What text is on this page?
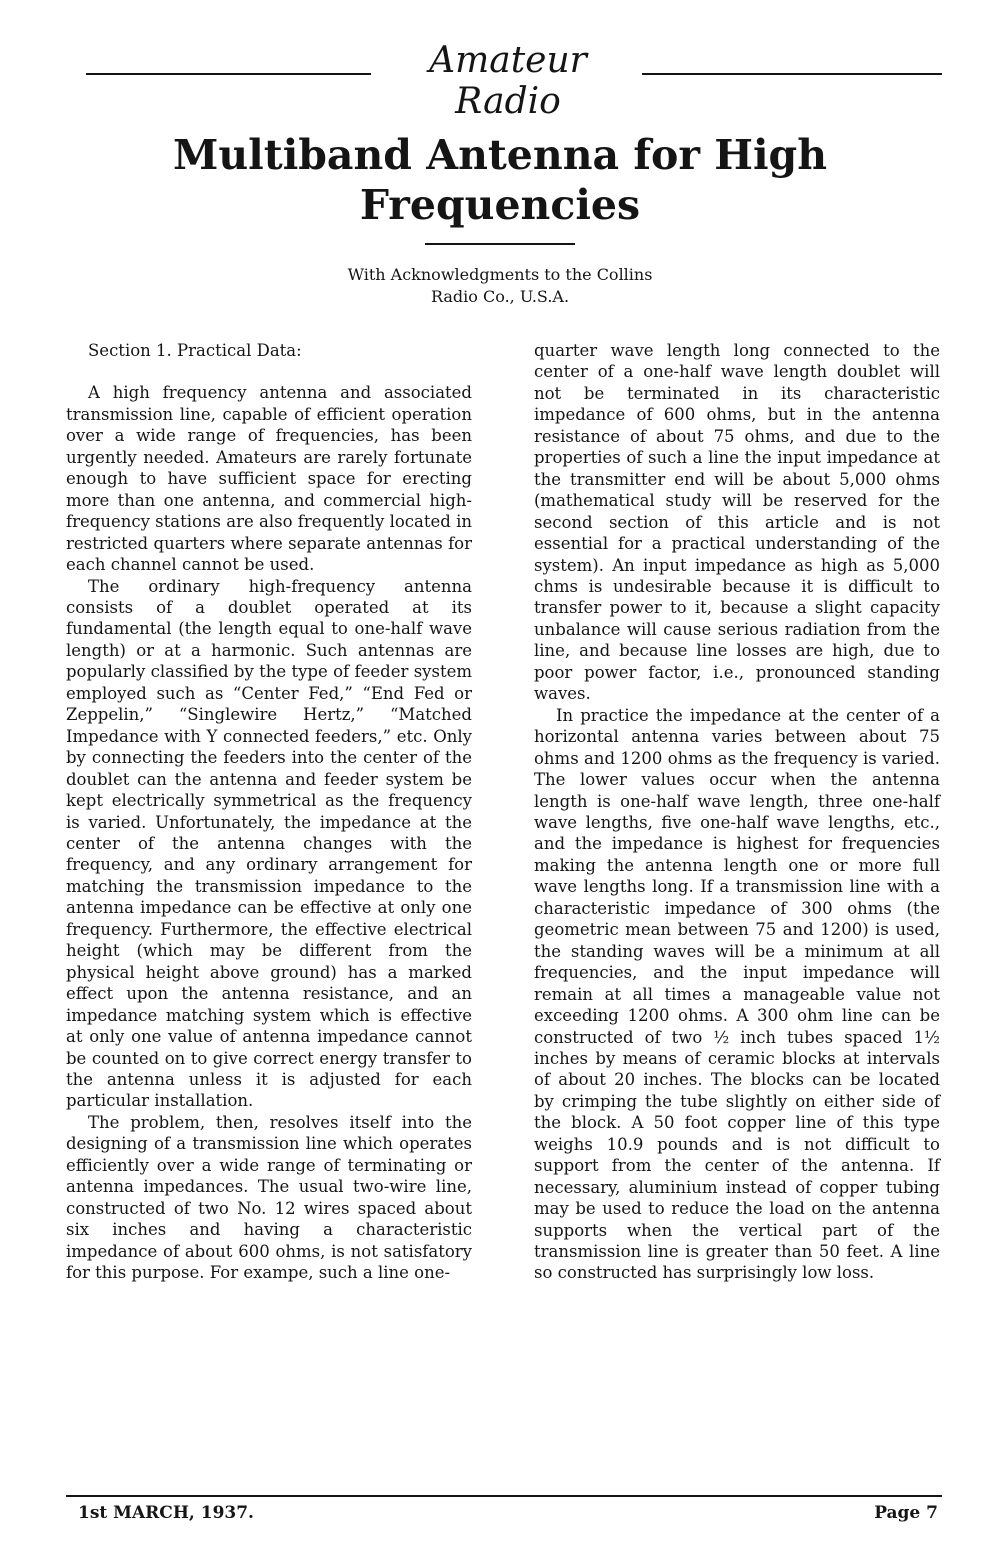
Amateur Radio
Multiband Antenna for High Frequencies

With Acknowledgments to the Collins
Radio Co., U.S.A.

Section 1. Practical Data:

A high frequency antenna and associated transmission line, capable of efficient operation over a wide range of frequencies, has been urgently needed. Amateurs are rarely fortunate enough to have sufficient space for erecting more than one antenna, and commercial high-frequency stations are also frequently located in restricted quarters where separate antennas for each channel cannot be used.

The ordinary high-frequency antenna consists of a doublet operated at its fundamental (the length equal to one-half wave length) or at a harmonic. Such antennas are popularly classified by the type of feeder system employed such as “Center Fed,” “End Fed or Zeppelin,” “Singlewire Hertz,” “Matched Impedance with Y connected feeders,” etc. Only by connecting the feeders into the center of the doublet can the antenna and feeder system be kept electrically symmetrical as the frequency is varied. Unfortunately, the impedance at the center of the antenna changes with the frequency, and any ordinary arrangement for matching the transmission impedance to the antenna impedance can be effective at only one frequency. Furthermore, the effective electrical height (which may be different from the physical height above ground) has a marked effect upon the antenna resistance, and an impedance matching system which is effective at only one value of antenna impedance cannot be counted on to give correct energy transfer to the antenna unless it is adjusted for each particular installation.

The problem, then, resolves itself into the designing of a transmission line which operates efficiently over a wide range of terminating or antenna impedances. The usual two-wire line, constructed of two No. 12 wires spaced about six inches and having a characteristic impedance of about 600 ohms, is not satisfatory for this purpose. For exampe, such a line one-

quarter wave length long connected to the center of a one-half wave length doublet will not be terminated in its characteristic impedance of 600 ohms, but in the antenna resistance of about 75 ohms, and due to the properties of such a line the input impedance at the transmitter end will be about 5,000 ohms (mathematical study will be reserved for the second section of this article and is not essential for a practical understanding of the system). An input impedance as high as 5,000 chms is undesirable because it is difficult to transfer power to it, because a slight capacity unbalance will cause serious radiation from the line, and because line losses are high, due to poor power factor, i.e., pronounced standing waves.

In practice the impedance at the center of a horizontal antenna varies between about 75 ohms and 1200 ohms as the frequency is varied. The lower values occur when the antenna length is one-half wave length, three one-half wave lengths, five one-half wave lengths, etc., and the impedance is highest for frequencies making the antenna length one or more full wave lengths long. If a transmission line with a characteristic impedance of 300 ohms (the geometric mean between 75 and 1200) is used, the standing waves will be a minimum at all frequencies, and the input impedance will remain at all times a manageable value not exceeding 1200 ohms. A 300 ohm line can be constructed of two ½ inch tubes spaced 1½ inches by means of ceramic blocks at intervals of about 20 inches. The blocks can be located by crimping the tube slightly on either side of the block. A 50 foot copper line of this type weighs 10.9 pounds and is not difficult to support from the center of the antenna. If necessary, aluminium instead of copper tubing may be used to reduce the load on the antenna supports when the vertical part of the transmission line is greater than 50 feet. A line so constructed has surprisingly low loss.

1st MARCH, 1937.	Page 7
